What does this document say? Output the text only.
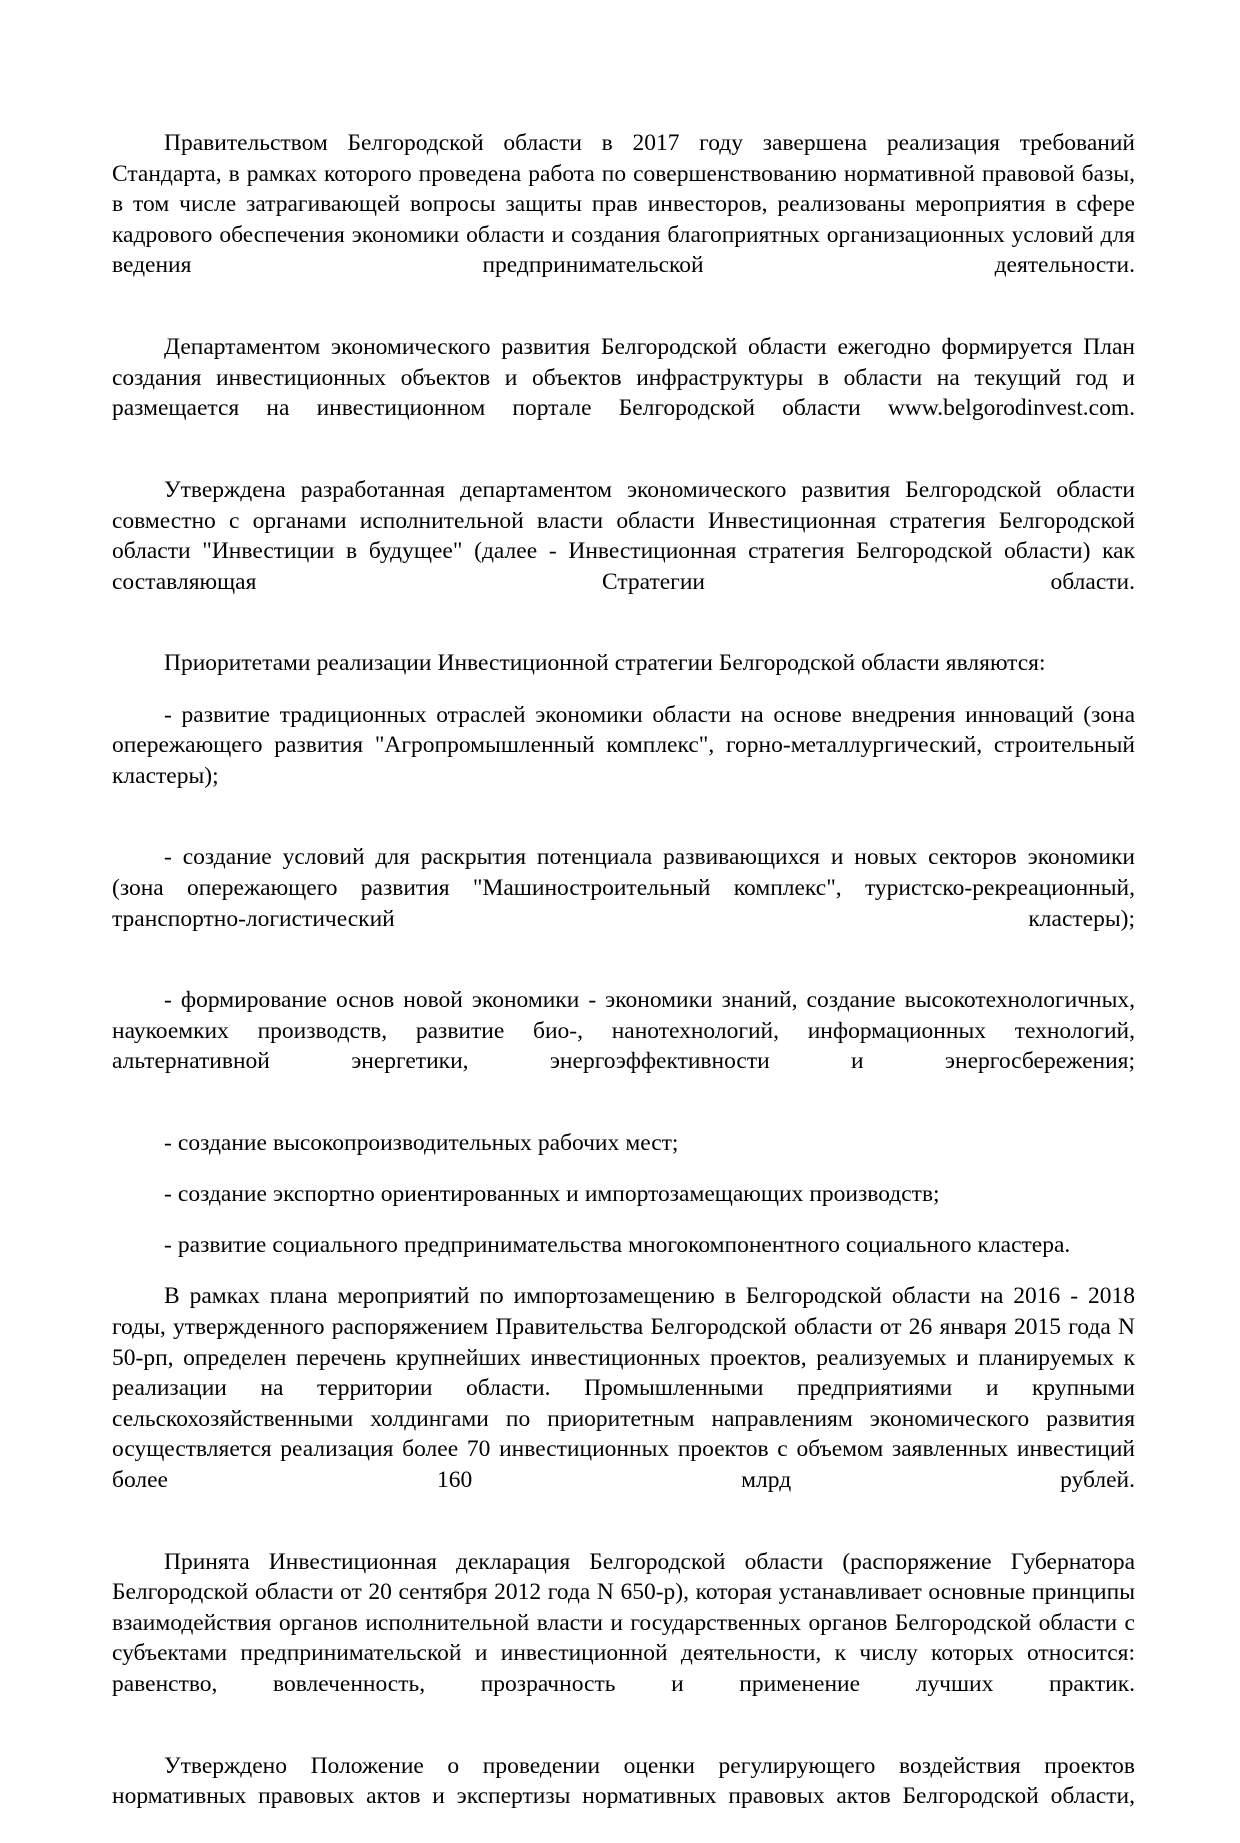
Правительством Белгородской области в 2017 году завершена реализация требований Стандарта, в рамках которого проведена работа по совершенствованию нормативной правовой базы, в том числе затрагивающей вопросы защиты прав инвесторов, реализованы мероприятия в сфере кадрового обеспечения экономики области и создания благоприятных организационных условий для ведения предпринимательской деятельности.

Департаментом экономического развития Белгородской области ежегодно формируется План создания инвестиционных объектов и объектов инфраструктуры в области на текущий год и размещается на инвестиционном портале Белгородской области www.belgorodinvest.com.

Утверждена разработанная департаментом экономического развития Белгородской области совместно с органами исполнительной власти области Инвестиционная стратегия Белгородской области "Инвестиции в будущее" (далее - Инвестиционная стратегия Белгородской области) как составляющая Стратегии области.

Приоритетами реализации Инвестиционной стратегии Белгородской области являются:

- развитие традиционных отраслей экономики области на основе внедрения инноваций (зона опережающего развития "Агропромышленный комплекс", горно-металлургический, строительный кластеры);

- создание условий для раскрытия потенциала развивающихся и новых секторов экономики (зона опережающего развития "Машиностроительный комплекс", туристско-рекреационный, транспортно-логистический кластеры);

- формирование основ новой экономики - экономики знаний, создание высокотехнологичных, наукоемких производств, развитие био-, нанотехнологий, информационных технологий, альтернативной энергетики, энергоэффективности и энергосбережения;

- создание высокопроизводительных рабочих мест;

- создание экспортно ориентированных и импортозамещающих производств;

- развитие социального предпринимательства многокомпонентного социального кластера.

В рамках плана мероприятий по импортозамещению в Белгородской области на 2016 - 2018 годы, утвержденного распоряжением Правительства Белгородской области от 26 января 2015 года N 50-рп, определен перечень крупнейших инвестиционных проектов, реализуемых и планируемых к реализации на территории области. Промышленными предприятиями и крупными сельскохозяйственными холдингами по приоритетным направлениям экономического развития осуществляется реализация более 70 инвестиционных проектов с объемом заявленных инвестиций более 160 млрд рублей.

Принята Инвестиционная декларация Белгородской области (распоряжение Губернатора Белгородской области от 20 сентября 2012 года N 650-р), которая устанавливает основные принципы взаимодействия органов исполнительной власти и государственных органов Белгородской области с субъектами предпринимательской и инвестиционной деятельности, к числу которых относится: равенство, вовлеченность, прозрачность и применение лучших практик.

Утверждено Положение о проведении оценки регулирующего воздействия проектов нормативных правовых актов и экспертизы нормативных правовых актов Белгородской области,
